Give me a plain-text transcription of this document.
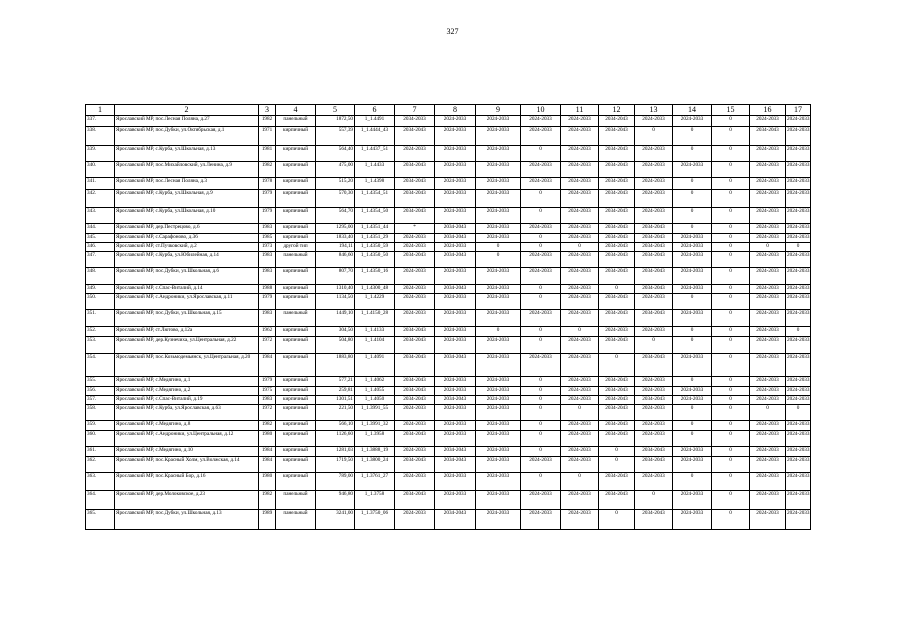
327
1	2	3	4	5	6	7	8	9	10	11	12	13	14	15	16	17
337.	Ярославский МР, пос.Лесная Поляна, д.27	1982	панельный	1872,50	1_1.4491	2034-2033	2024-2033	2024-2033	2024-2033	2024-2033	2034-2043	2024-2033	2024-2033	0	2024-2033	2024-2033
338.	Ярославский МР, пос.Дубки, ул.Октябрьская, д.1	1971	кирпичный	557,39	1_1.4444_43	2034-2043	2024-2033	2024-2033	2024-2033	2024-2033	2034-2043	0	0	0	2034-2043	2024-2033
339.	Ярославский МР, с.Курба, ул.Школьная, д.13	1981	кирпичный	564,40	1_1.4437_51	2024-2033	2024-2033	2024-2033	0	2024-2033	2034-2043	2024-2033	0	0	2024-2033	2024-2033
340.	Ярославский МР, пос.Михайловский, ул.Ленина, д.9	1982	кирпичный	475,00	1_1.4433	2034-2043	2024-2033	2024-2033	2024-2033	2024-2033	2034-2043	2024-2033	2024-2033	0	2024-2033	2024-2033
341.	Ярославский МР, пос.Лесная Поляна, д.3	1978	кирпичный	515,20	1_1.4398	2034-2043	2024-2033	2024-2033	2024-2033	2024-2033	2034-2043	2024-2033	0	0	2024-2033	2024-2033
342.	Ярославский МР, с.Курба, ул.Школьная, д.9	1979	кирпичный	570,30	1_1.4354_51	2034-2043	2024-2033	2024-2033	0	2024-2033	2034-2043	2024-2033	0	0	2024-2033	2024-2033
343.	Ярославский МР, с.Курба, ул.Школьная, д.10	1979	кирпичный	564,70	1_1.4354_50	2034-2043	2024-2033	2024-2033	0	2024-2033	2034-2043	2024-2033	0	0	2024-2033	2024-2033
344.	Ярославский МР, дер.Пестрецово, д.6	1983	кирпичный	1295,00	1_1.4351_44	*	2034-2043	2024-2033	2024-2033	2024-2033	2034-2043	2034-2043	0	0	2024-2033	2024-2033
345.	Ярославский МР, с.Сарафоново, д.36	1985	кирпичный	1833,40	1_1.4351_29	2024-2033	2034-2043	2024-2033	0	2024-2033	2034-2043	2034-2043	2024-2033	0	2024-2033	2024-2033
346.	Ярославский МР, ст.Пучковский, д.2	1973	другой тип	194,11	1_1.4350_59	2024-2033	2024-2033	0	0	0	2034-2043	2034-2043	2024-2033	0	0	0
347.	Ярославский МР, с.Курба, ул.Юбилейная, д.14	1983	панельный	846,60	1_1.4350_50	2034-2043	2034-2043	0	2024-2033	2024-2033	2034-2043	2034-2043	2024-2033	0	2024-2033	2024-2033
348.	Ярославский МР, пос.Дубки, ул.Школьная, д.6	1983	кирпичный	807,70	1_1.4350_16	2024-2033	2024-2033	2024-2033	2024-2033	2024-2033	2034-2043	2034-2043	2024-2033	0	2024-2033	2024-2033
349.	Ярославский МР, с.Спас-Виталий, д.14	1988	кирпичный	1310,40	1_1.4300_48	2024-2033	2034-2043	2024-2033	0	2024-2033	0	2034-2043	2024-2033	0	2024-2033	2024-2033
350.	Ярославский МР, с.Андроники, ул.Ярославская, д.11	1979	кирпичный	1134,50	1_1.4229	2024-2033	2024-2033	2024-2033	0	2024-2033	2034-2043	2024-2033	0	0	2024-2033	2024-2033
351.	Ярославский МР, пос.Дубки, ул.Школьная, д.15	1983	панельный	1449,10	1_1.4150_28	2024-2033	2024-2033	2024-2033	2024-2033	2024-2033	2034-2043	2034-2043	2024-2033	0	2024-2033	2024-2033
352.	Ярославский МР, ст.Лютово, д.12а	1962	кирпичный	304,50	1_1.4133	2034-2043	2024-2033	0	0	0	2024-2033	2024-2033	0	0	2024-2033	0
353.	Ярославский МР, дер.Кузнечиха, ул.Центральная, д.22	1972	кирпичный	504,80	1_1.4104	2034-2043	2024-2033	2024-2033	0	2024-2033	2034-2043	0	0	0	2024-2033	2024-2033
354.	Ярославский МР, пос.Козьмодемьянск, ул.Центральная, д.20	1984	кирпичный	1883,80	1_1.4091	2034-2043	2034-2043	2024-2033	2024-2033	2024-2033	0	2034-2043	2024-2033	0	2024-2033	2024-2033
355.	Ярославский МР, с.Медягино, д.1	1979	кирпичный	577,21	1_1.4062	2034-2043	2024-2033	2024-2033	0	2024-2033	2034-2043	2024-2033	0	0	2024-2033	2024-2033
356.	Ярославский МР, с.Медягино, д.2	1975	кирпичный	259,81	1_1.4055	2034-2043	2024-2033	2024-2033	0	2024-2033	2034-2043	2024-2033	2024-2033	0	2024-2033	2024-2033
357.	Ярославский МР, с.Спас-Виталий, д.19	1983	кирпичный	1301,51	1_1.4050	2034-2043	2034-2043	2024-2033	0	2024-2033	2034-2043	2034-2043	2024-2033	0	2024-2033	2024-2033
358.	Ярославский МР, с.Курба, ул.Ярославская, д.63	1972	кирпичный	221,50	1_1.3991_55	2024-2033	2024-2033	2024-2033	0	0	2034-2043	2024-2033	0	0	0	0
359.	Ярославский МР, с.Медягино, д.8	1982	кирпичный	566,10	1_1.3991_32	2024-2033	2024-2033	2024-2033	0	2024-2033	2034-2043	2024-2033	0	0	2024-2033	2024-2033
360.	Ярославский МР, с.Андроники, ул.Центральная, д.12	1980	кирпичный	1126,60	1_1.3958	2034-2043	2024-2033	2024-2033	0	2024-2033	2034-2043	2024-2033	0	0	2024-2033	2024-2033
361.	Ярославский МР, с.Медягино, д.10	1984	кирпичный	1281,03	1_1.3888_19	2024-2033	2034-2043	2024-2033	0	2024-2033	0	2034-2043	2024-2033	0	2024-2033	2024-2033
362.	Ярославский МР, пос.Красный Холм, ул.Волжская, д.14	1984	кирпичный	1719,50	1_1.3800_24	2034-2043	2034-2043	2024-2033	2024-2033	2024-2033	0	2034-2043	2024-2033	0	2024-2033	2024-2033
363.	Ярославский МР, пос.Красный Бор, д.16	1980	кирпичный	789,00	1_1.3761_27	2024-2033	2024-2033	2024-2033	0	0	2034-2043	2024-2033	0	0	2024-2033	2024-2033
364.	Ярославский МР, дер.Молоковское, д.23	1982	панельный	946,80	1_1.3758	2034-2043	2024-2033	2024-2033	2024-2033	2024-2033	2034-2043	0	2024-2033	0	2024-2033	2024-2033
365.	Ярославский МР, пос.Дубки, ул.Школьная, д.13	1989	панельный	3241,00	1_1.3750_06	2024-2033	2034-2043	2024-2033	2024-2033	2024-2033	0	2034-2043	2024-2033	0	2024-2033	2024-2033
